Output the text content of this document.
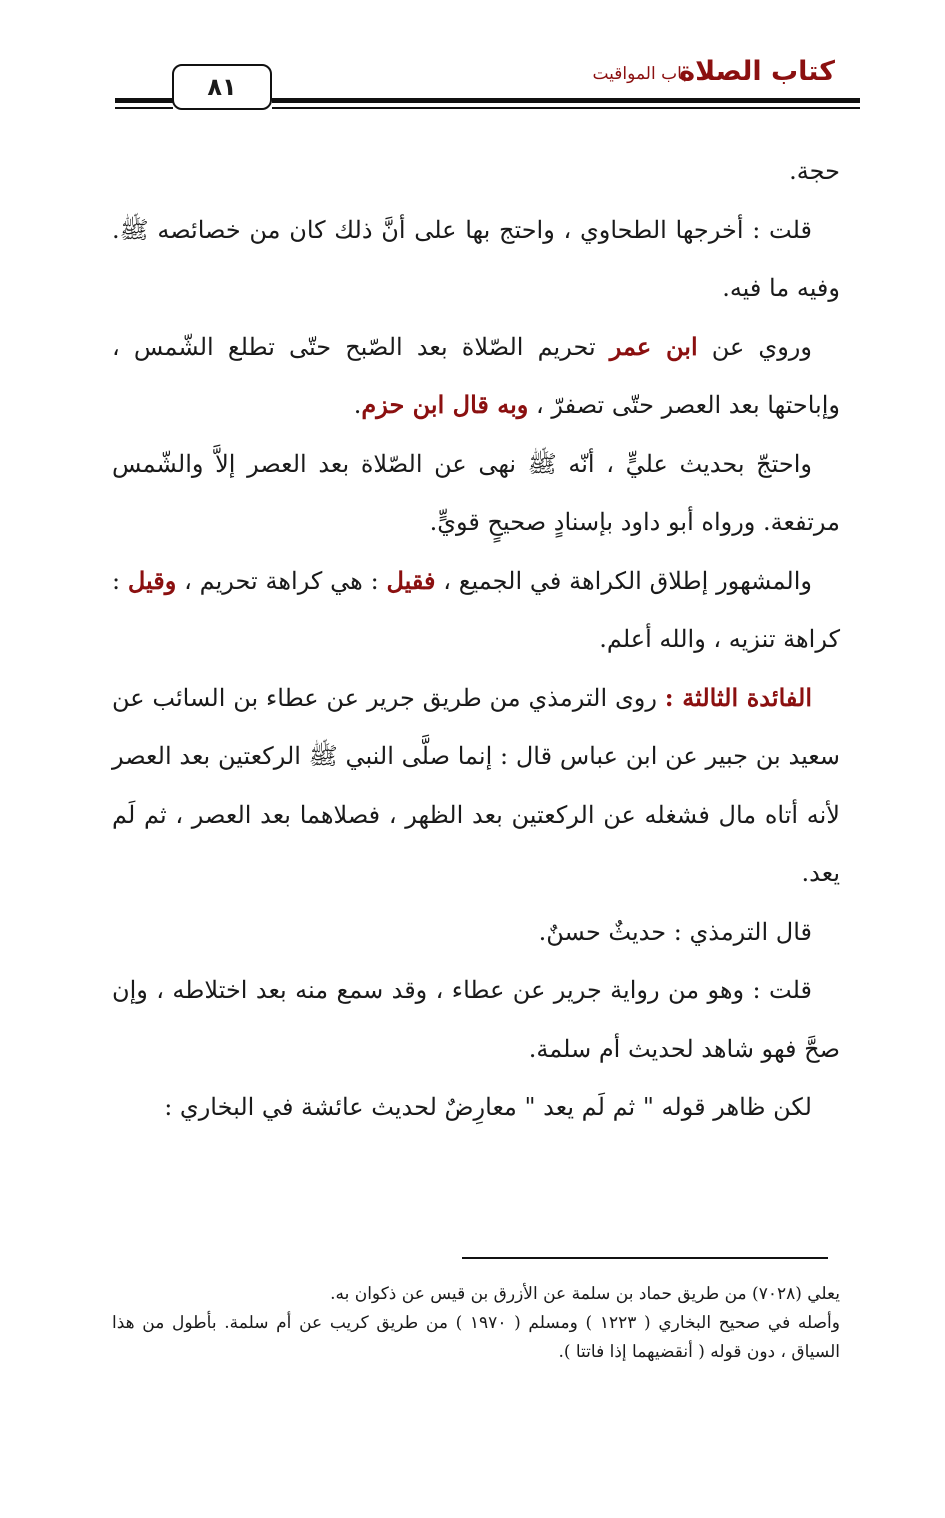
٨١	كتاب الصلاة
باب المواقيت

حجة.

قلت : أخرجها الطحاوي ، واحتج بها على أنَّ ذلك كان من خصائصه ﷺ. وفيه ما فيه.

وروي عن ابن عمر تحريم الصّلاة بعد الصّبح حتّى تطلع الشّمس ، وإباحتها بعد العصر حتّى تصفرّ ، وبه قال ابن حزم.

واحتجّ بحديث عليٍّ ، أنّه ﷺ نهى عن الصّلاة بعد العصر إلاَّ والشّمس مرتفعة. ورواه أبو داود بإسنادٍ صحيحٍ قويٍّ.

والمشهور إطلاق الكراهة في الجميع ، فقيل : هي كراهة تحريم ، وقيل : كراهة تنزيه ، والله أعلم.

الفائدة الثالثة : روى الترمذي من طريق جرير عن عطاء بن السائب عن سعيد بن جبير عن ابن عباس قال : إنما صلَّى النبي ﷺ الركعتين بعد العصر لأنه أتاه مال فشغله عن الركعتين بعد الظهر ، فصلاهما بعد العصر ، ثم لَم يعد.

قال الترمذي : حديثٌ حسنٌ.

قلت : وهو من رواية جرير عن عطاء ، وقد سمع منه بعد اختلاطه ، وإن صحَّ فهو شاهد لحديث أم سلمة.

لكن ظاهر قوله " ثم لَم يعد " معارِضٌ لحديث عائشة في البخاري :

يعلي (٧٠٢٨) من طريق حماد بن سلمة عن الأزرق بن قيس عن ذكوان به.

وأصله في صحيح البخاري ( ١٢٢٣ ) ومسلم ( ١٩٧٠ ) من طريق كريب عن أم سلمة. بأطول من هذا السياق ، دون قوله ( أنقضيهما إذا فاتتا ).
